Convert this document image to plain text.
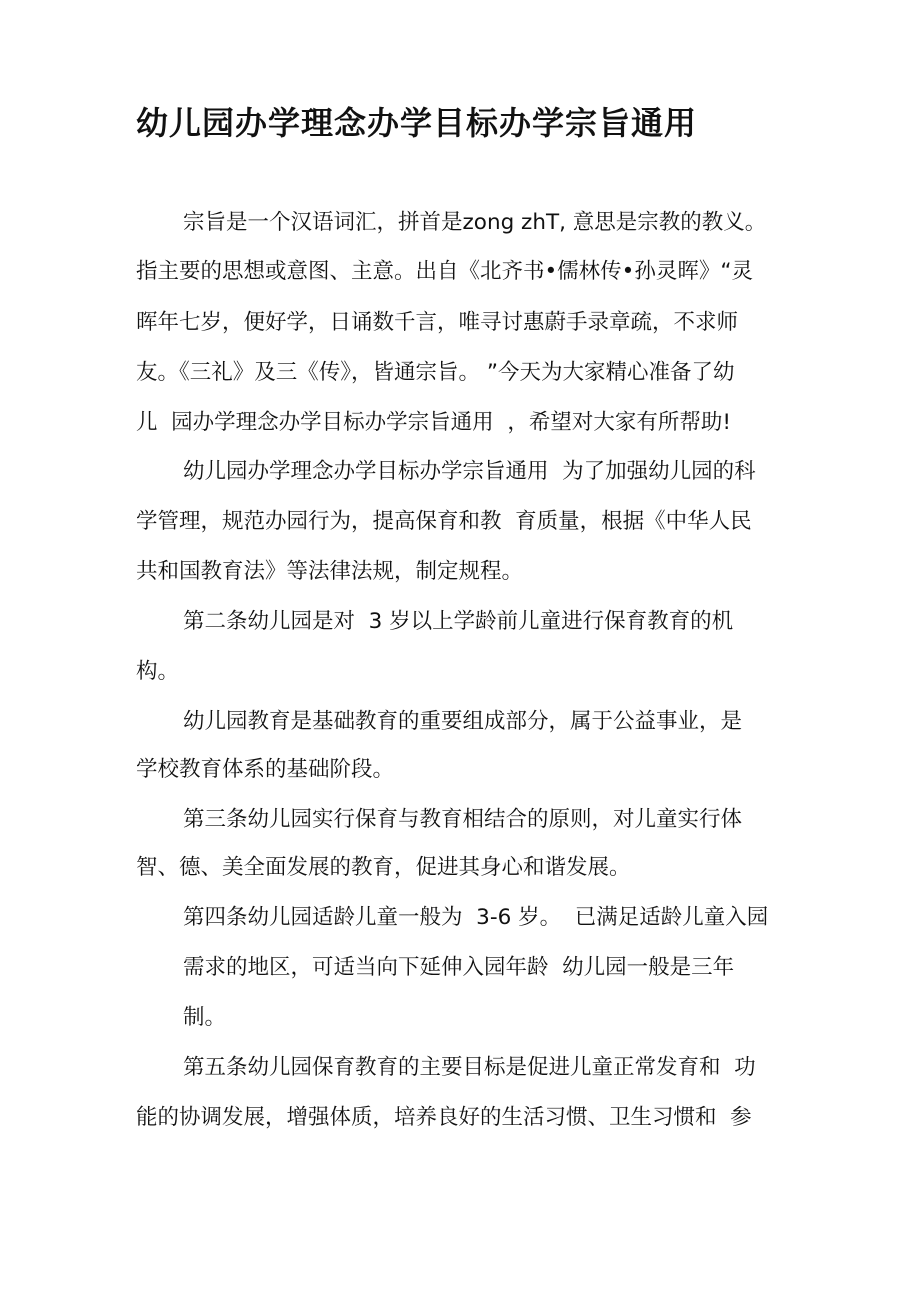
幼儿园办学理念办学目标办学宗旨通用
宗旨是一个汉语词汇，拼首是zong zhT, 意思是宗教的教义。
指主要的思想或意图、主意。出自《北齐书•儒林传•孙灵晖》“灵
晖年七岁，便好学，日诵数千言，唯寻讨惠蔚手录章疏，不求师
友。《三礼》及三《传》，皆通宗旨。 ”今天为大家精心准备了幼
儿  园办学理念办学目标办学宗旨通用  ，希望对大家有所帮助!
幼儿园办学理念办学目标办学宗旨通用  为了加强幼儿园的科
学管理，规范办园行为，提高保育和教  育质量，根据《中华人民
共和国教育法》等法律法规，制定规程。
第二条幼儿园是对  3 岁以上学龄前儿童进行保育教育的机
构。
幼儿园教育是基础教育的重要组成部分，属于公益事业，是
学校教育体系的基础阶段。
第三条幼儿园实行保育与教育相结合的原则，对儿童实行体
智、德、美全面发展的教育，促进其身心和谐发展。
第四条幼儿园适龄儿童一般为  3-6 岁。  已满足适龄儿童入园
需求的地区，可适当向下延伸入园年龄  幼儿园一般是三年
制。
第五条幼儿园保育教育的主要目标是促进儿童正常发育和  功
能的协调发展，增强体质，培养良好的生活习惯、卫生习惯和  参
